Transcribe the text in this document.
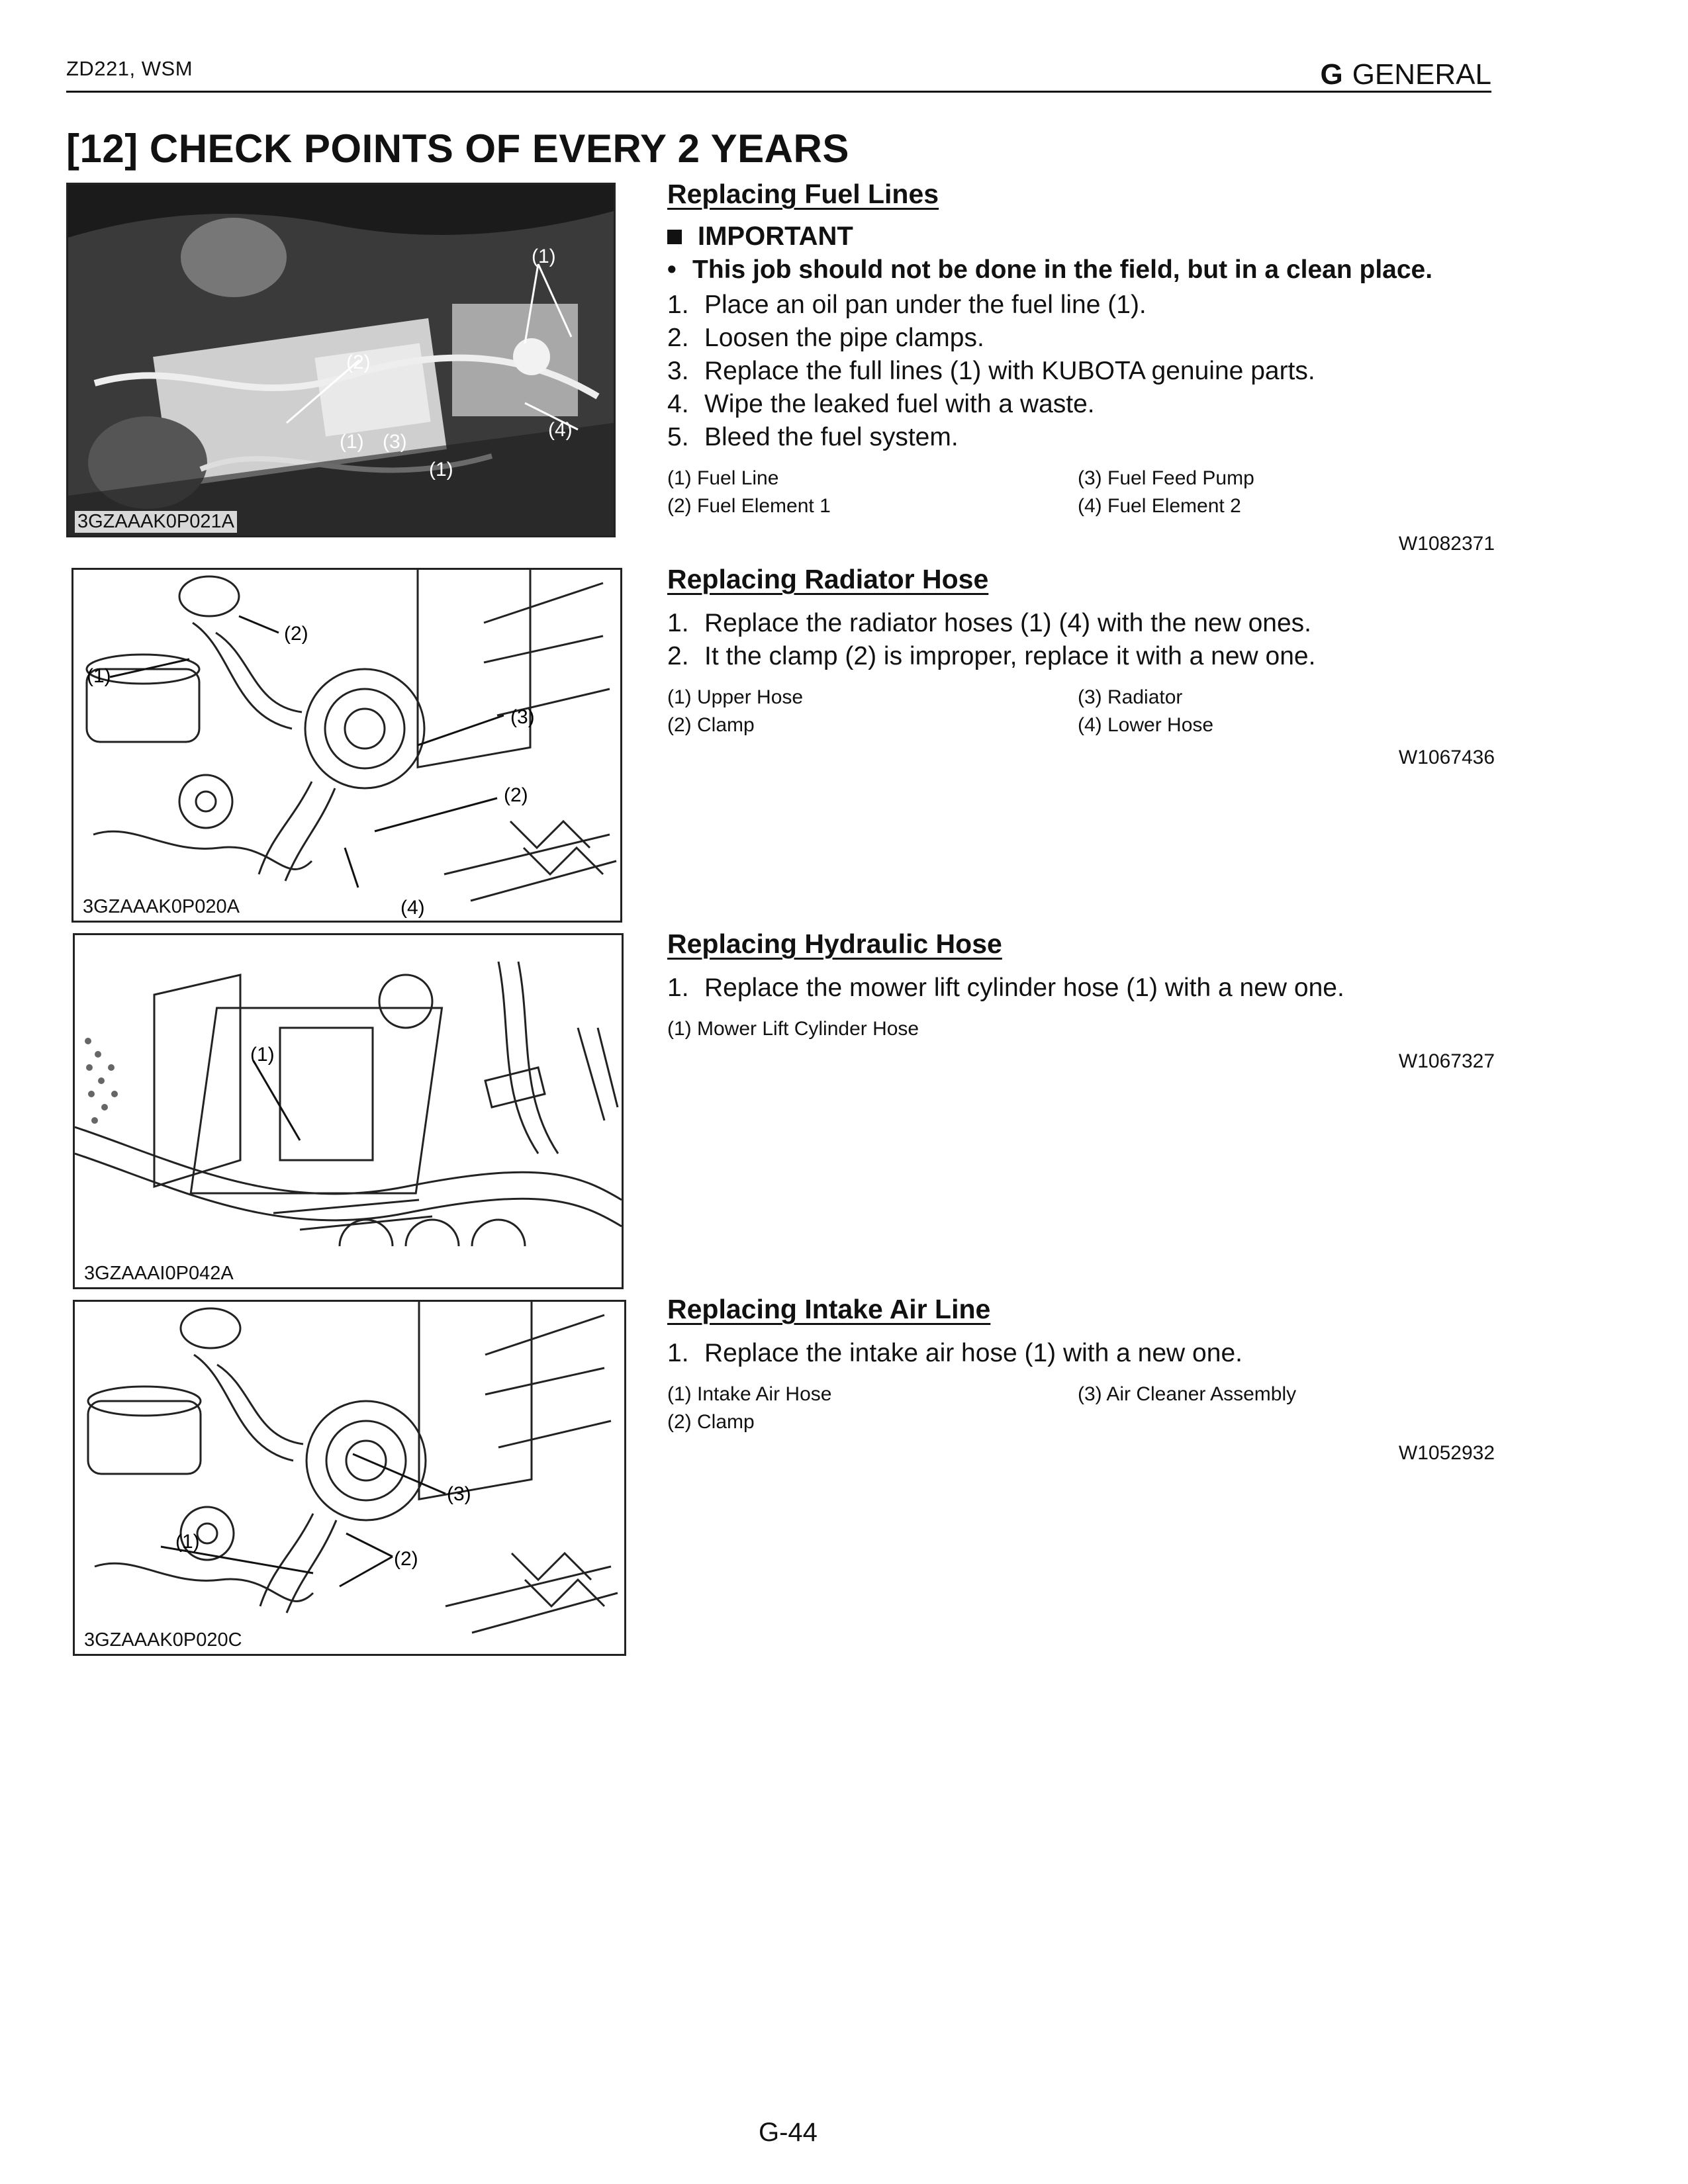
ZD221, WSM	G GENERAL
[12] CHECK POINTS OF EVERY 2 YEARS
(1)
(2)
(1) (3)
(4)
(1)
3GZAAAK0P021A
(1)
(2)
(3)
(2)
(4)
3GZAAAK0P020A
(1)
3GZAAAI0P042A
(3)
(1)
(2)
3GZAAAK0P020C
Replacing Fuel Lines
IMPORTANT
• This job should not be done in the field, but in a clean place.
1. Place an oil pan under the fuel line (1).
2. Loosen the pipe clamps.
3. Replace the full lines (1) with KUBOTA genuine parts.
4. Wipe the leaked fuel with a waste.
5. Bleed the fuel system.
(1) Fuel Line	(3) Fuel Feed Pump
(2) Fuel Element 1	(4) Fuel Element 2
W1082371
Replacing Radiator Hose
1. Replace the radiator hoses (1) (4) with the new ones.
2. It the clamp (2) is improper, replace it with a new one.
(1) Upper Hose	(3) Radiator
(2) Clamp	(4) Lower Hose
W1067436
Replacing Hydraulic Hose
1. Replace the mower lift cylinder hose (1) with a new one.
(1) Mower Lift Cylinder Hose
W1067327
Replacing Intake Air Line
1. Replace the intake air hose (1) with a new one.
(1) Intake Air Hose	(3) Air Cleaner Assembly
(2) Clamp
W1052932
G-44
